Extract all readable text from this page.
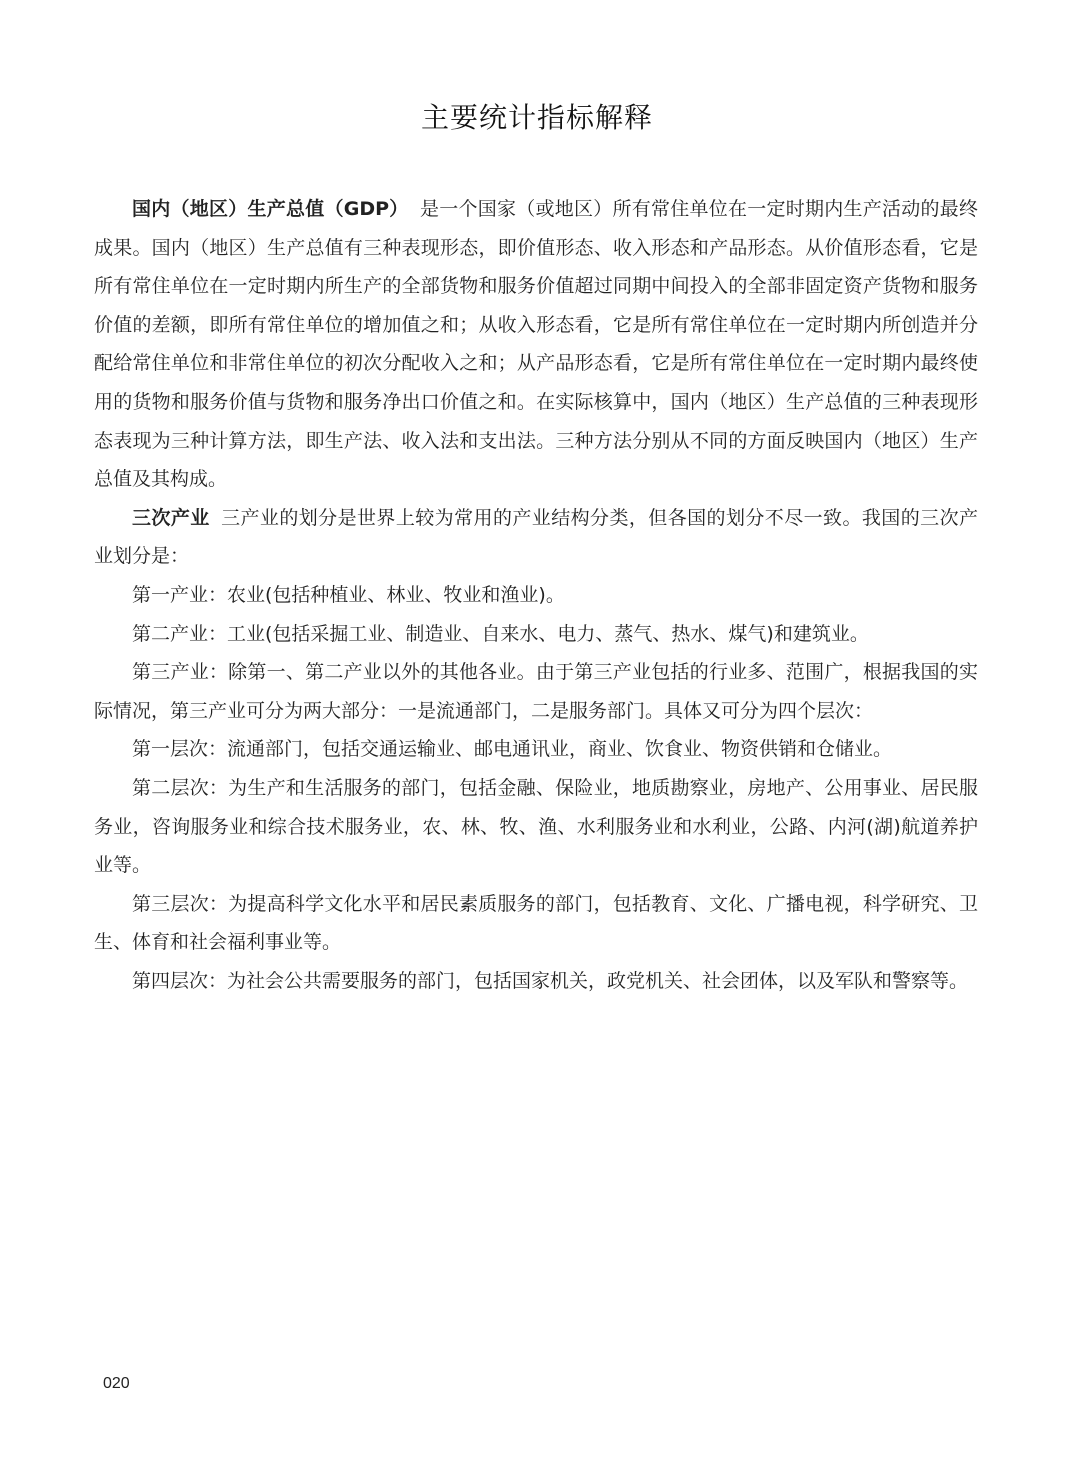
主要统计指标解释

国内（地区）生产总值（GDP） 是一个国家（或地区）所有常住单位在一定时期内生产活动的最终成果。国内（地区）生产总值有三种表现形态，即价值形态、收入形态和产品形态。从价值形态看，它是所有常住单位在一定时期内所生产的全部货物和服务价值超过同期中间投入的全部非固定资产货物和服务价值的差额，即所有常住单位的增加值之和；从收入形态看，它是所有常住单位在一定时期内所创造并分配给常住单位和非常住单位的初次分配收入之和；从产品形态看，它是所有常住单位在一定时期内最终使用的货物和服务价值与货物和服务净出口价值之和。在实际核算中，国内（地区）生产总值的三种表现形态表现为三种计算方法，即生产法、收入法和支出法。三种方法分别从不同的方面反映国内（地区）生产总值及其构成。

三次产业 三产业的划分是世界上较为常用的产业结构分类，但各国的划分不尽一致。我国的三次产业划分是：

第一产业：农业(包括种植业、林业、牧业和渔业)。

第二产业：工业(包括采掘工业、制造业、自来水、电力、蒸气、热水、煤气)和建筑业。

第三产业：除第一、第二产业以外的其他各业。由于第三产业包括的行业多、范围广，根据我国的实际情况，第三产业可分为两大部分：一是流通部门，二是服务部门。具体又可分为四个层次：

第一层次：流通部门，包括交通运输业、邮电通讯业，商业、饮食业、物资供销和仓储业。

第二层次：为生产和生活服务的部门，包括金融、保险业，地质勘察业，房地产、公用事业、居民服务业，咨询服务业和综合技术服务业，农、林、牧、渔、水利服务业和水利业，公路、内河(湖)航道养护业等。

第三层次：为提高科学文化水平和居民素质服务的部门，包括教育、文化、广播电视，科学研究、卫生、体育和社会福利事业等。

第四层次：为社会公共需要服务的部门，包括国家机关，政党机关、社会团体，以及军队和警察等。

020
